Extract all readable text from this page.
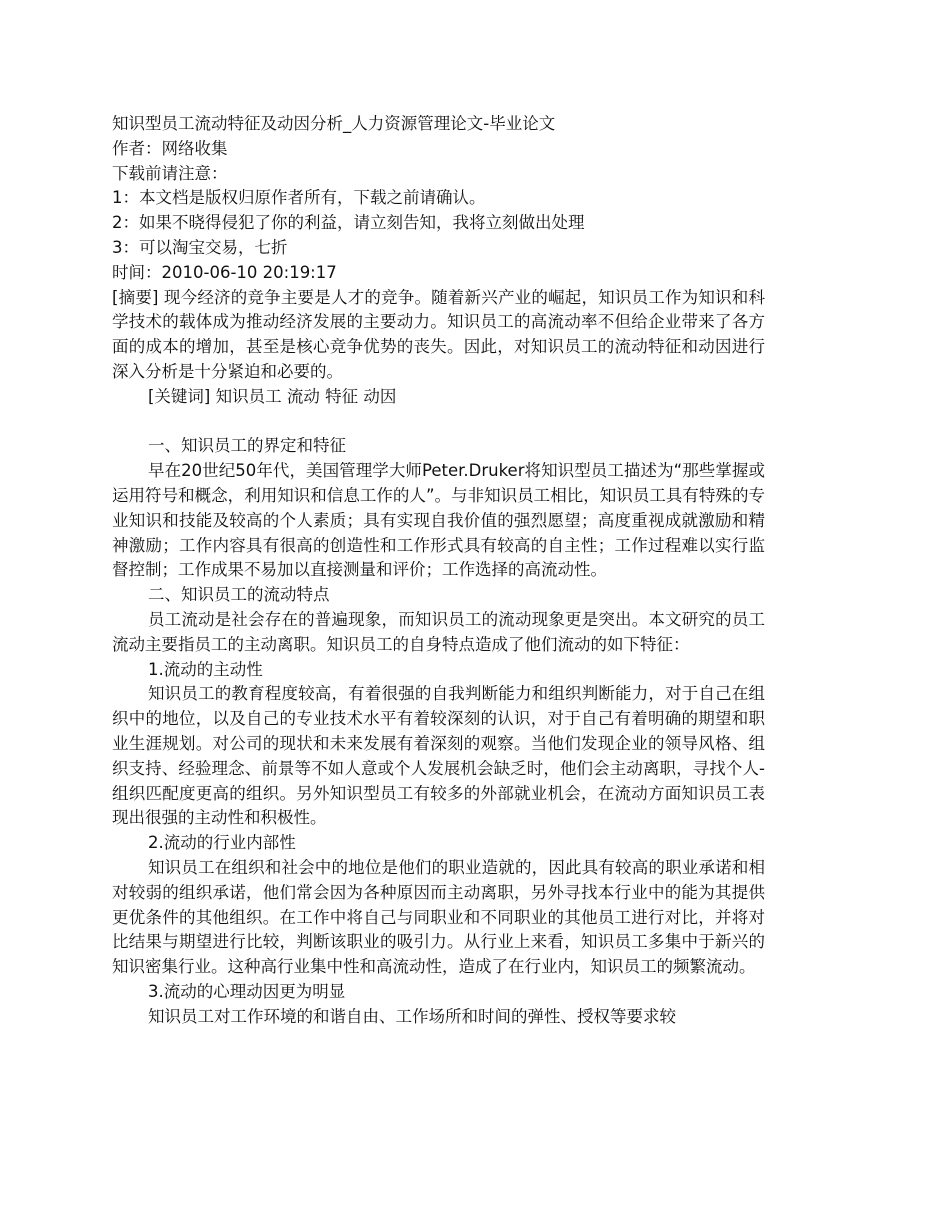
知识型员工流动特征及动因分析_人力资源管理论文-毕业论文

作者：网络收集

下载前请注意：

1：本文档是版权归原作者所有，下载之前请确认。

2：如果不晓得侵犯了你的利益，请立刻告知，我将立刻做出处理

3：可以淘宝交易，七折

时间：2010-06-10 20:19:17

[摘要] 现今经济的竞争主要是人才的竞争。随着新兴产业的崛起，知识员工作为知识和科学技术的载体成为推动经济发展的主要动力。知识员工的高流动率不但给企业带来了各方面的成本的增加，甚至是核心竞争优势的丧失。因此，对知识员工的流动特征和动因进行深入分析是十分紧迫和必要的。

[关键词] 知识员工 流动 特征 动因

一、知识员工的界定和特征

早在20世纪50年代，美国管理学大师Peter.Druker将知识型员工描述为“那些掌握或运用符号和概念，利用知识和信息工作的人”。与非知识员工相比，知识员工具有特殊的专业知识和技能及较高的个人素质；具有实现自我价值的强烈愿望；高度重视成就激励和精神激励；工作内容具有很高的创造性和工作形式具有较高的自主性；工作过程难以实行监督控制；工作成果不易加以直接测量和评价；工作选择的高流动性。

二、知识员工的流动特点

员工流动是社会存在的普遍现象，而知识员工的流动现象更是突出。本文研究的员工流动主要指员工的主动离职。知识员工的自身特点造成了他们流动的如下特征：

1.流动的主动性

知识员工的教育程度较高，有着很强的自我判断能力和组织判断能力，对于自己在组织中的地位，以及自己的专业技术水平有着较深刻的认识，对于自己有着明确的期望和职业生涯规划。对公司的现状和未来发展有着深刻的观察。当他们发现企业的领导风格、组织支持、经验理念、前景等不如人意或个人发展机会缺乏时，他们会主动离职，寻找个人-组织匹配度更高的组织。另外知识型员工有较多的外部就业机会，在流动方面知识员工表现出很强的主动性和积极性。

2.流动的行业内部性

知识员工在组织和社会中的地位是他们的职业造就的，因此具有较高的职业承诺和相对较弱的组织承诺，他们常会因为各种原因而主动离职，另外寻找本行业中的能为其提供更优条件的其他组织。在工作中将自己与同职业和不同职业的其他员工进行对比，并将对比结果与期望进行比较，判断该职业的吸引力。从行业上来看，知识员工多集中于新兴的知识密集行业。这种高行业集中性和高流动性，造成了在行业内，知识员工的频繁流动。

3.流动的心理动因更为明显

知识员工对工作环境的和谐自由、工作场所和时间的弹性、授权等要求较
